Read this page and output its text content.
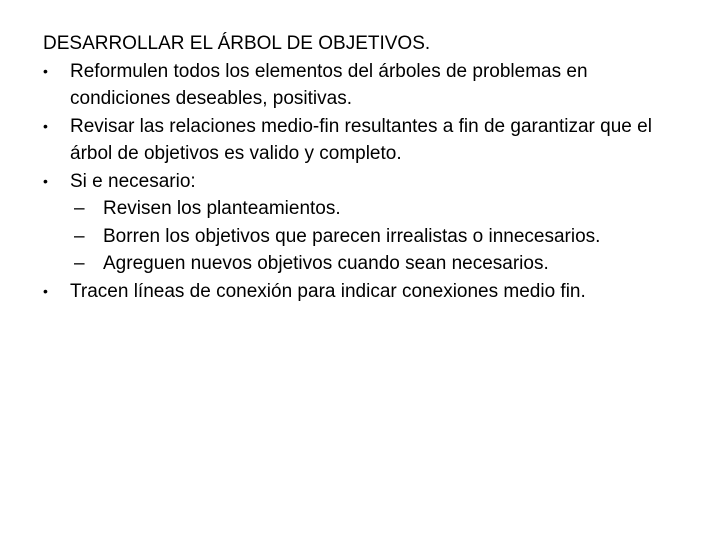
DESARROLLAR EL ÁRBOL DE OBJETIVOS.
•	Reformulen todos los elementos del árboles de problemas en condiciones deseables, positivas.
•	Revisar las relaciones medio-fin resultantes a fin de garantizar que el árbol de objetivos es valido y completo.
•	Si e necesario:
– Revisen los planteamientos.
– Borren los objetivos que parecen irrealistas o innecesarios.
– Agreguen nuevos objetivos cuando sean necesarios.
•	Tracen líneas de conexión para indicar conexiones medio fin.
